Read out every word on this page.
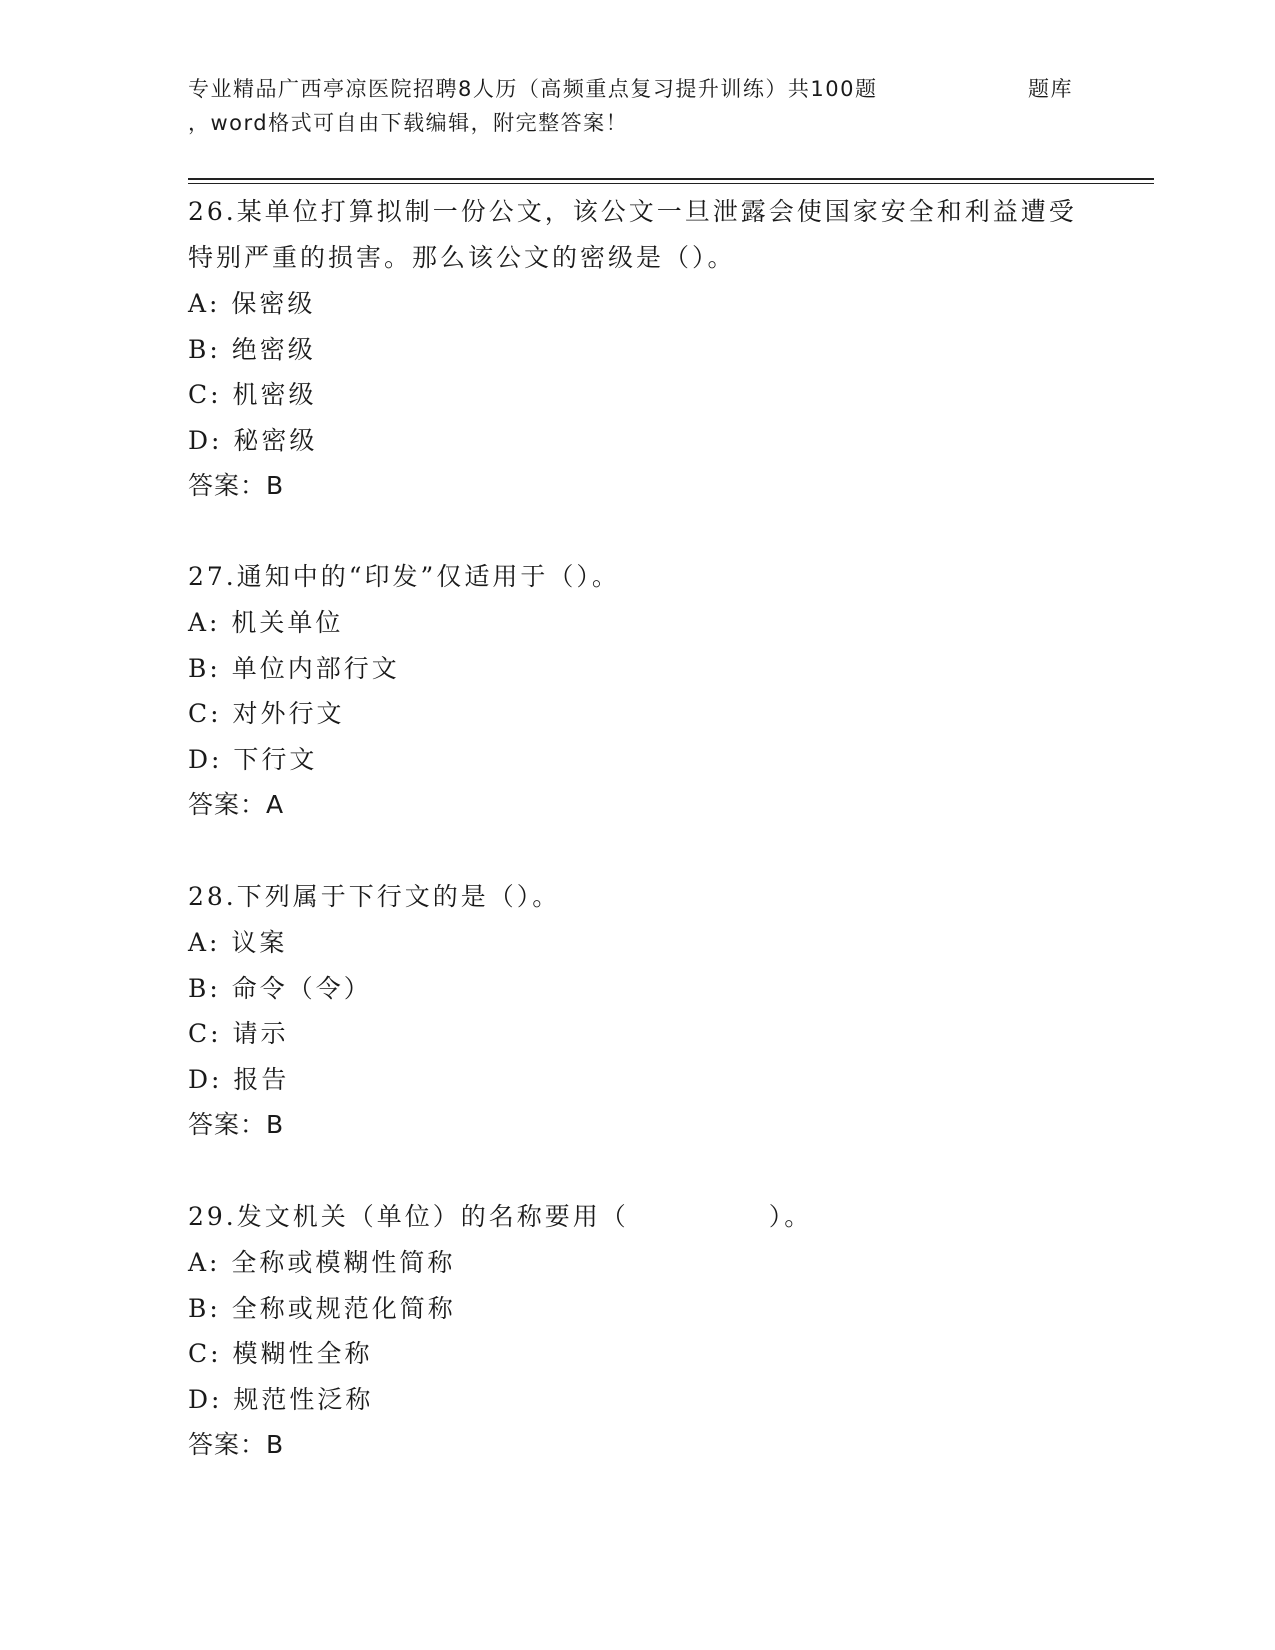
专业精品广西亭凉医院招聘8人历（高频重点复习提升训练）共100题	题库
，word格式可自由下载编辑，附完整答案！
26.某单位打算拟制一份公文，该公文一旦泄露会使国家安全和利益遭受特别严重的损害。那么该公文的密级是（）。
A: 保密级
B: 绝密级
C: 机密级
D: 秘密级
答案：B
27.通知中的“印发”仅适用于（）。
A: 机关单位
B: 单位内部行文
C: 对外行文
D: 下行文
答案：A
28.下列属于下行文的是（）。
A: 议案
B: 命令（令）
C: 请示
D: 报告
答案：B
29.发文机关（单位）的名称要用（　　　　　）。
A: 全称或模糊性简称
B: 全称或规范化简称
C: 模糊性全称
D: 规范性泛称
答案：B
